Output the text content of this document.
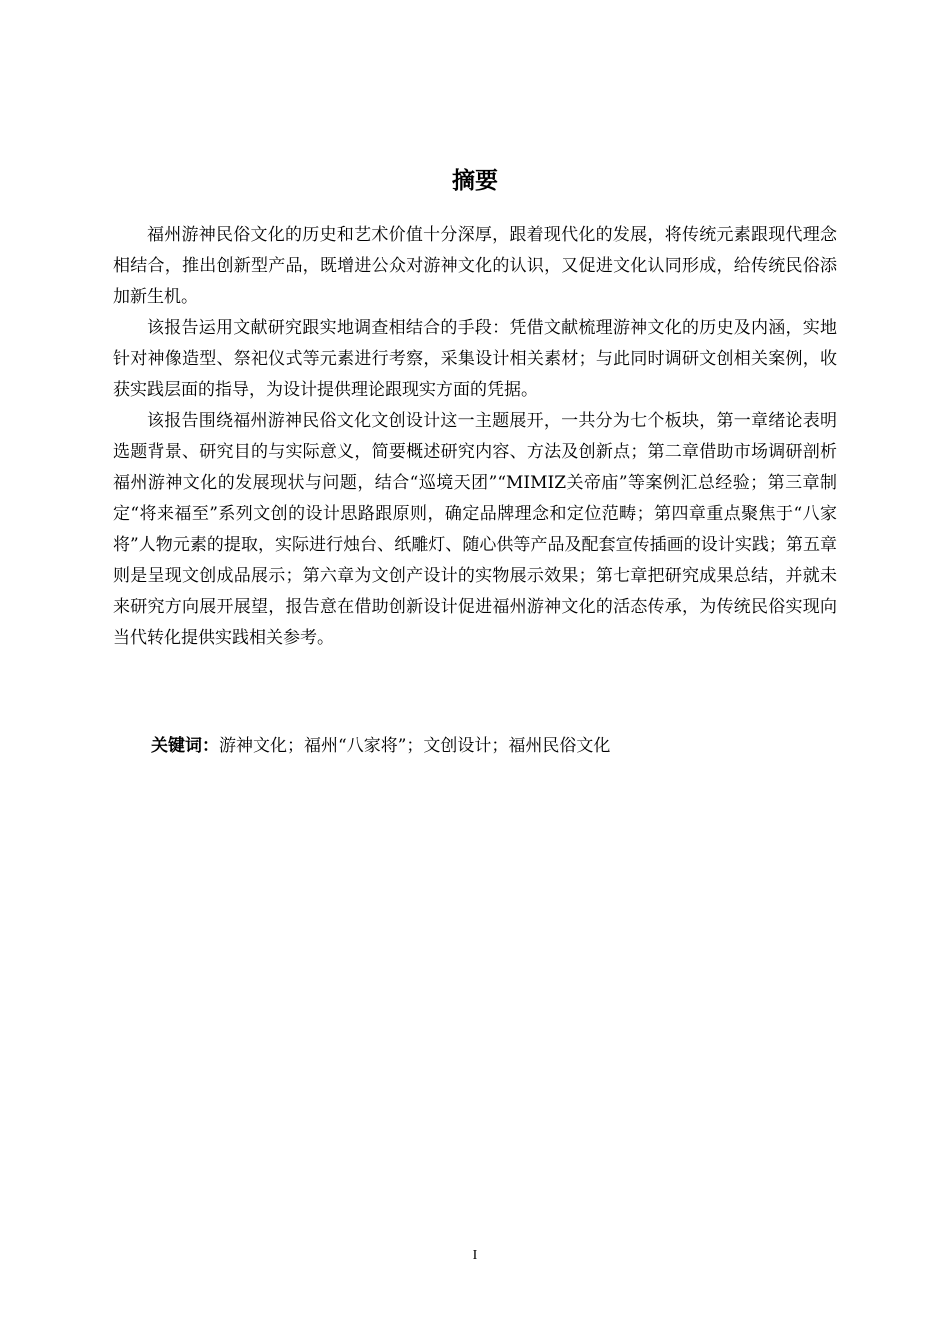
摘要

福州游神民俗文化的历史和艺术价值十分深厚，跟着现代化的发展，将传统元素跟现代理念相结合，推出创新型产品，既增进公众对游神文化的认识，又促进文化认同形成，给传统民俗添加新生机。

该报告运用文献研究跟实地调查相结合的手段：凭借文献梳理游神文化的历史及内涵，实地针对神像造型、祭祀仪式等元素进行考察，采集设计相关素材；与此同时调研文创相关案例，收获实践层面的指导，为设计提供理论跟现实方面的凭据。

该报告围绕福州游神民俗文化文创设计这一主题展开，一共分为七个板块，第一章绪论表明选题背景、研究目的与实际意义，简要概述研究内容、方法及创新点；第二章借助市场调研剖析福州游神文化的发展现状与问题，结合“巡境天团”“MIMIZ关帝庙”等案例汇总经验；第三章制定“将来福至”系列文创的设计思路跟原则，确定品牌理念和定位范畴；第四章重点聚焦于“八家将”人物元素的提取，实际进行烛台、纸雕灯、随心供等产品及配套宣传插画的设计实践；第五章则是呈现文创成品展示；第六章为文创产设计的实物展示效果；第七章把研究成果总结，并就未来研究方向展开展望，报告意在借助创新设计促进福州游神文化的活态传承，为传统民俗实现向当代转化提供实践相关参考。

关键词：游神文化；福州“八家将”；文创设计；福州民俗文化

I
